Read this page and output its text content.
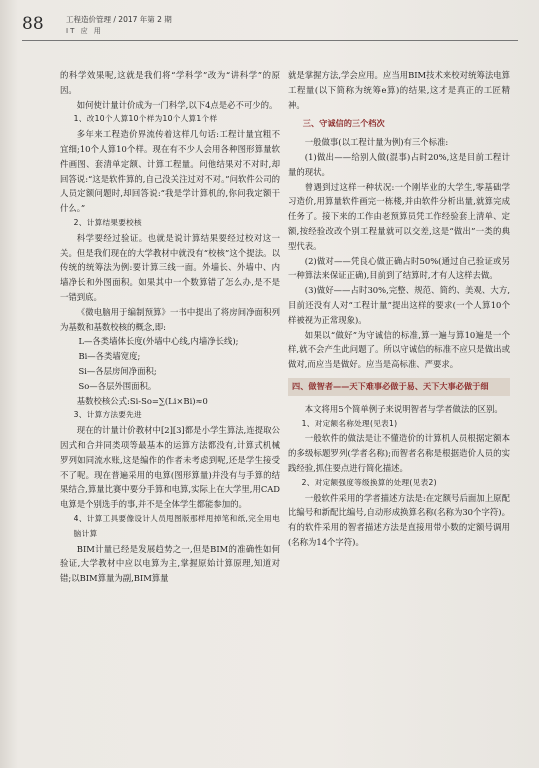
88	工程造价管理 / 2017 年第 2 期
IT 应 用

的科学效果呢,这就是我们将“学科学”改为“讲科学”的原因。

如何使计量计价成为一门科学,以下4点是必不可少的。

1、改10个人算10个样为10个人算1个样

多年来工程造价界流传着这样几句话:工程计量宜粗不宜细;10个人算10个样。现在有不少人会用各种图形算量软件画图、套清单定额、计算工程量。问他结果对不对时,却回答说:“这是软件算的,自己没关注过对不对。”问软件公司的人员定额问题时,却回答说:“我是学计算机的,你问我定额干什么。”

2、计算结果要校核

科学要经过验证。也就是说计算结果要经过校对这一关。但是我们现在的大学教材中就没有“校核”这个提法。以传统的统筹法为例:要计算三线一面。外墙长、外墙中、内墙净长和外图面积。如果其中一个数算错了怎么办,是不是一错到底。

《微电脑用于编制预算》一书中提出了将房间净面积列为基数和基数校核的概念,即:

L—各类墙体长度(外墙中心线,内墙净长线);

Bi—各类墙宽度;

Si—各层房间净面积;

So—各层外围面积。

基数校核公式:Si-So=∑(Li×Bi)≈0

3、计算方法要先进

现在的计量计价教材中[2][3]都是小学生算法,连提取公因式和合并同类项等最基本的运算方法都没有,计算式机械罗列如同流水账,这是编作的作者未考虑到呢,还是学生接受不了呢。现在普遍采用的电算(图形算量)并没有与手算的结果结合,算量比赛中要分手算和电算,实际上在大学里,用CAD电算是个别选手的事,并不是全体学生都能参加的。

4、计算工具要像设计人员甩图版那样甩掉笔和纸,完全用电脑计算

BIM计量已经是发展趋势之一,但是BIM的准确性如何验证,大学教材中应以电算为主,掌握原始计算原理,知道对错;以BIM算量为副,BIM算量

就是掌握方法,学会应用。应当用BIM技术来校对统筹法电算工程量(以下简称为统筹e算)的结果,这才是真正的工匠精神。

三、守诚信的三个档次

一般做事(以工程计量为例)有三个标准:

(1)做出——给别人做(混事)占时20%,这是目前工程计量的现状。

曾遇到过这样一种状况:一个刚毕业的大学生,零基础学习造价,用算量软件画完一栋楼,并由软件分析出量,就算完成任务了。接下来的工作由老预算员凭工作经验套上清单、定额,按经验改改个别工程量就可以交差,这是“做出”一类的典型代表。

(2)做对——凭良心做正确占时50%(通过自己验证或另一种算法来保证正确),目前到了结算时,才有人这样去做。

(3)做好——占时30%,完整、规范、简约、美观、大方,目前还没有人对“工程计量”提出这样的要求(一个人算10个样被视为正常现象)。

如果以“做好”为守诚信的标准,算一遍与算10遍是一个样,就不会产生此问题了。所以守诚信的标准不应只是做出或做对,而应当是做好。应当是高标准、严要求。

四、做智者——天下难事必做于易、天下大事必做于细

本文将用5个简单例子来说明智者与学者做法的区别。

1、对定额名称处理(见表1)

一般软件的做法是让不懂造价的计算机人员根据定额本的多级标题罗列(学者名称);而智者名称是根据造价人员的实践经验,抓住要点进行简化描述。

2、对定额强度等级换算的处理(见表2)

一般软件采用的学者描述方法是:在定额号后面加上原配比编号和新配比编号,自动形成换算名称(名称为30个字符)。有的软件采用的智者描述方法是直接用带小数的定额号调用(名称为14个字符)。
